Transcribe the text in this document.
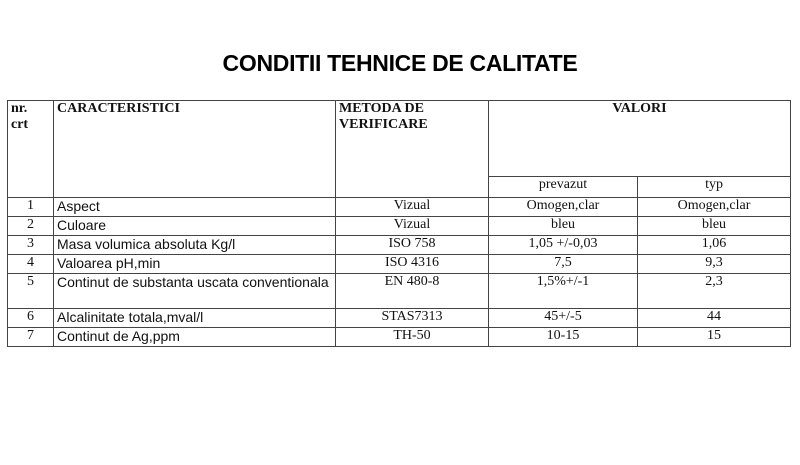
CONDITII TEHNICE DE CALITATE
nr. crt	CARACTERISTICI	METODA DE VERIFICARE	VALORI	
			prevazut	typ
1	Aspect	Vizual	Omogen,clar	Omogen,clar
2	Culoare	Vizual	bleu	bleu
3	Masa volumica absoluta Kg/l	ISO 758	1,05 +/-0,03	1,06
4	Valoarea pH,min	ISO 4316	7,5	9,3
5	Continut de substanta uscata conventionala	EN 480-8	1,5%+/-1	2,3
6	Alcalinitate totala,mval/l	STAS7313	45+/-5	44
7	Continut de Ag,ppm	TH-50	10-15	15
